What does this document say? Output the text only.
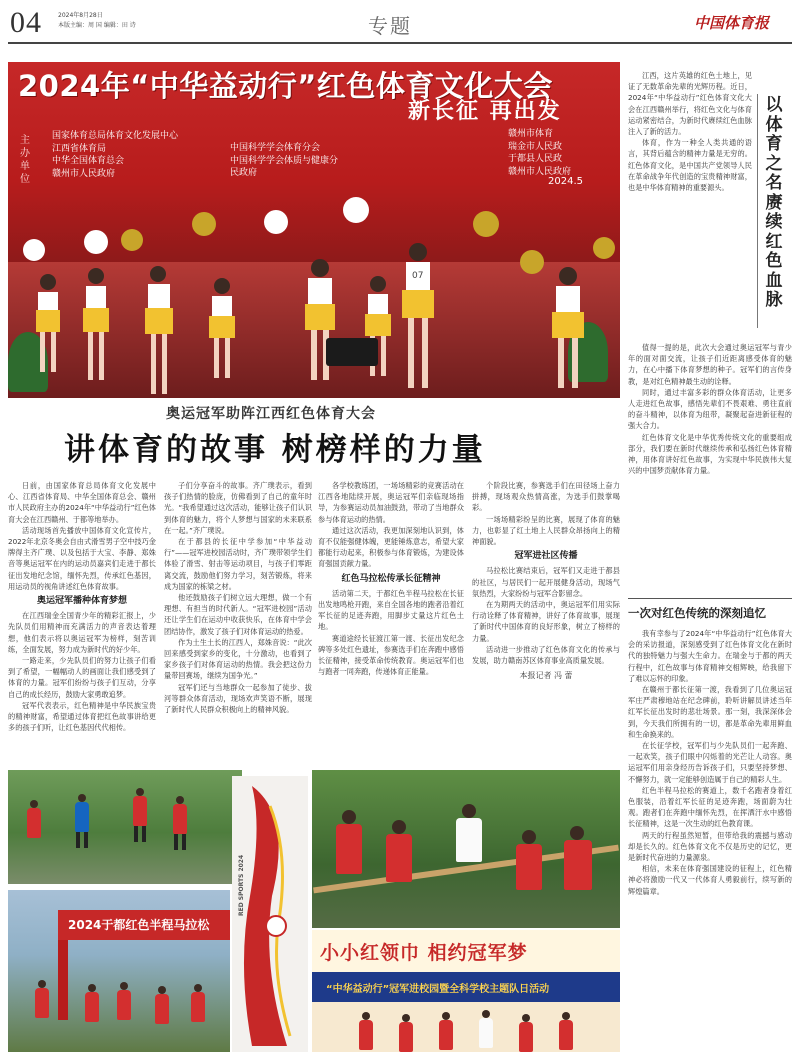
04	2024年8月28日
本版主编：周 国 编辑：田 诗	专题	中国体育报
2024年“中华益动行”红色体育文化大会
新长征 再出发
主办单位
国家体育总局体育文化发展中心
江西省体育局
中华全国体育总会
赣州市人民政府
中国科学学会体育分会
中国科学学会体质与健康分
民政府
赣州市体育
瑞金市人民政
于都县人民政
赣州市人民政府
2024.5
07
奥运冠军助阵江西红色体育大会
讲体育的故事 树榜样的力量

日前，由国家体育总局体育文化发展中心、江西省体育局、中华全国体育总会、赣州市人民政府主办的2024年“中华益动行”红色体育大会在江西赣州、于都等地举办。

活动现场首先播放中国体育文化宣传片，2022年北京冬奥会自由式滑雪男子空中技巧金牌得主齐广璞、以及包括于大宝、李静、郑姝音等奥运冠军在内的运动员嘉宾们走进于都长征出发地纪念馆，缅怀先烈，传承红色基因，用运动员的视角讲述红色体育故事。

奥运冠军播种体育梦想

在江西瑞金全国青少年的精彩汇报上，少先队员们用精神而充满活力的声音表达着理想，他们表示将以奥运冠军为榜样，刻苦训练，全面发展，努力成为新时代的好少年。

一路走来，少先队员们的努力让孩子们看到了希望，一幅幅动人的画面让我们感受到了体育的力量。冠军们纷纷与孩子们互动，分享自己的成长经历，鼓励大家勇敢追梦。

冠军代表表示，红色精神是中华民族宝贵的精神财富，希望通过体育把红色故事讲给更多的孩子们听，让红色基因代代相传。

子们分享奋斗的故事。齐广璞表示，看到孩子们热情的脸庞，仿佛看到了自己的童年时光。“我希望通过这次活动，能够让孩子们认识到体育的魅力，将个人梦想与国家的未来联系在一起。”齐广璞说。

在于都县的长征中学参加“中华益动行”——冠军进校园活动时，齐广璞带领学生们体验了滑雪、射击等运动项目，与孩子们零距离交流，鼓励他们努力学习，刻苦锻炼，将来成为国家的栋梁之材。

他还鼓励孩子们树立远大理想，做一个有理想、有担当的时代新人。“冠军进校园”活动还让学生们在运动中收获快乐，在体育中学会团结协作，激发了孩子们对体育运动的热爱。

作为土生土长的江西人，郑姝音说：“此次回来感受到家乡的变化，十分激动，也看到了家乡孩子们对体育运动的热情。我会把这份力量带回赛场，继续为国争光。”

冠军们还与当地群众一起参加了徒步、拔河等群众体育活动，现场欢声笑语不断，展现了新时代人民群众积极向上的精神风貌。

各学校教练团，一场场精彩的竞赛活动在江西各地陆续开展，奥运冠军们亲临现场指导，为参赛运动员加油鼓劲，带动了当地群众参与体育运动的热情。

通过这次活动，我更加深刻地认识到，体育不仅能强健体魄，更能锤炼意志，希望大家都能行动起来，积极参与体育锻炼，为建设体育强国贡献力量。

红色马拉松传承长征精神

活动第二天，于都红色半程马拉松在长征出发地鸣枪开跑，来自全国各地的跑者沿着红军长征的足迹奔跑，用脚步丈量这片红色土地。

赛道途经长征渡江第一渡、长征出发纪念碑等多处红色遗址，参赛选手们在奔跑中感悟长征精神，接受革命传统教育。奥运冠军们也与跑者一同奔跑，传递体育正能量。

个阶段比赛，参赛选手们在田径场上奋力拼搏，现场观众热情高涨，为选手们鼓掌喝彩。

一场场精彩纷呈的比赛，展现了体育的魅力，也彰显了红土地上人民群众昂扬向上的精神面貌。

冠军进社区传播

马拉松比赛结束后，冠军们又走进于都县的社区，与居民们一起开展健身活动，现场气氛热烈，大家纷纷与冠军合影留念。

在为期两天的活动中，奥运冠军们用实际行动诠释了体育精神，讲好了体育故事，展现了新时代中国体育的良好形象，树立了榜样的力量。

活动进一步推动了红色体育文化的传承与发展，助力赣南苏区体育事业高质量发展。

本报记者 冯 蕾
以体育之名赓续红色血脉

江西，这片英雄的红色土地上，见证了无数革命先辈的光辉历程。近日，2024年“中华益动行”红色体育文化大会在江西赣州举行，将红色文化与体育运动紧密结合，为新时代赓续红色血脉注入了新的活力。

体育，作为一种全人类共通的语言，其背后蕴含的精神力量是无穷的。红色体育文化，是中国共产党领导人民在革命战争年代创造的宝贵精神财富，也是中华体育精神的重要源头。

值得一提的是，此次大会通过奥运冠军与青少年的面对面交流，让孩子们近距离感受体育的魅力，在心中播下体育梦想的种子。冠军们的言传身教，是对红色精神最生动的诠释。

同时，通过丰富多彩的群众体育活动，让更多人走进红色故事，感悟先辈们不畏艰难、勇往直前的奋斗精神，以体育为纽带，凝聚起奋进新征程的强大合力。

红色体育文化是中华优秀传统文化的重要组成部分，我们要在新时代继续传承和弘扬红色体育精神，用体育讲好红色故事，为实现中华民族伟大复兴的中国梦贡献体育力量。

一次对红色传统的深刻追忆

我有幸参与了2024年“中华益动行”红色体育大会的采访报道，深刻感受到了红色体育文化在新时代的独特魅力与强大生命力。在瑞金与于都的两天行程中，红色故事与体育精神交相辉映，给我留下了难以忘怀的印象。

在赣州于都长征第一渡，我看到了几位奥运冠军庄严肃穆地站在纪念碑前，聆听讲解员讲述当年红军长征出发时的悲壮场景。那一刻，我深深体会到，今天我们所拥有的一切，都是革命先辈用鲜血和生命换来的。

在长征学校，冠军们与少先队员们一起奔跑、一起欢笑，孩子们眼中闪烁着的光芒让人动容。奥运冠军们用亲身经历告诉孩子们，只要坚持梦想、不懈努力，就一定能够创造属于自己的精彩人生。

红色半程马拉松的赛道上，数千名跑者身着红色服装，沿着红军长征的足迹奔跑，场面蔚为壮观。跑者们在奔跑中缅怀先烈，在挥洒汗水中感悟长征精神，这是一次生动的红色教育课。

两天的行程虽然短暂，但带给我的震撼与感动却是长久的。红色体育文化不仅是历史的记忆，更是新时代奋进的力量源泉。

相信，未来在体育强国建设的征程上，红色精神必将激励一代又一代体育人勇毅前行，续写新的辉煌篇章。

2024于都红色半程马拉松
RED SPORTS 2024
小小红领巾 相约冠军梦
“中华益动行”冠军进校园暨全科学校主题队日活动
